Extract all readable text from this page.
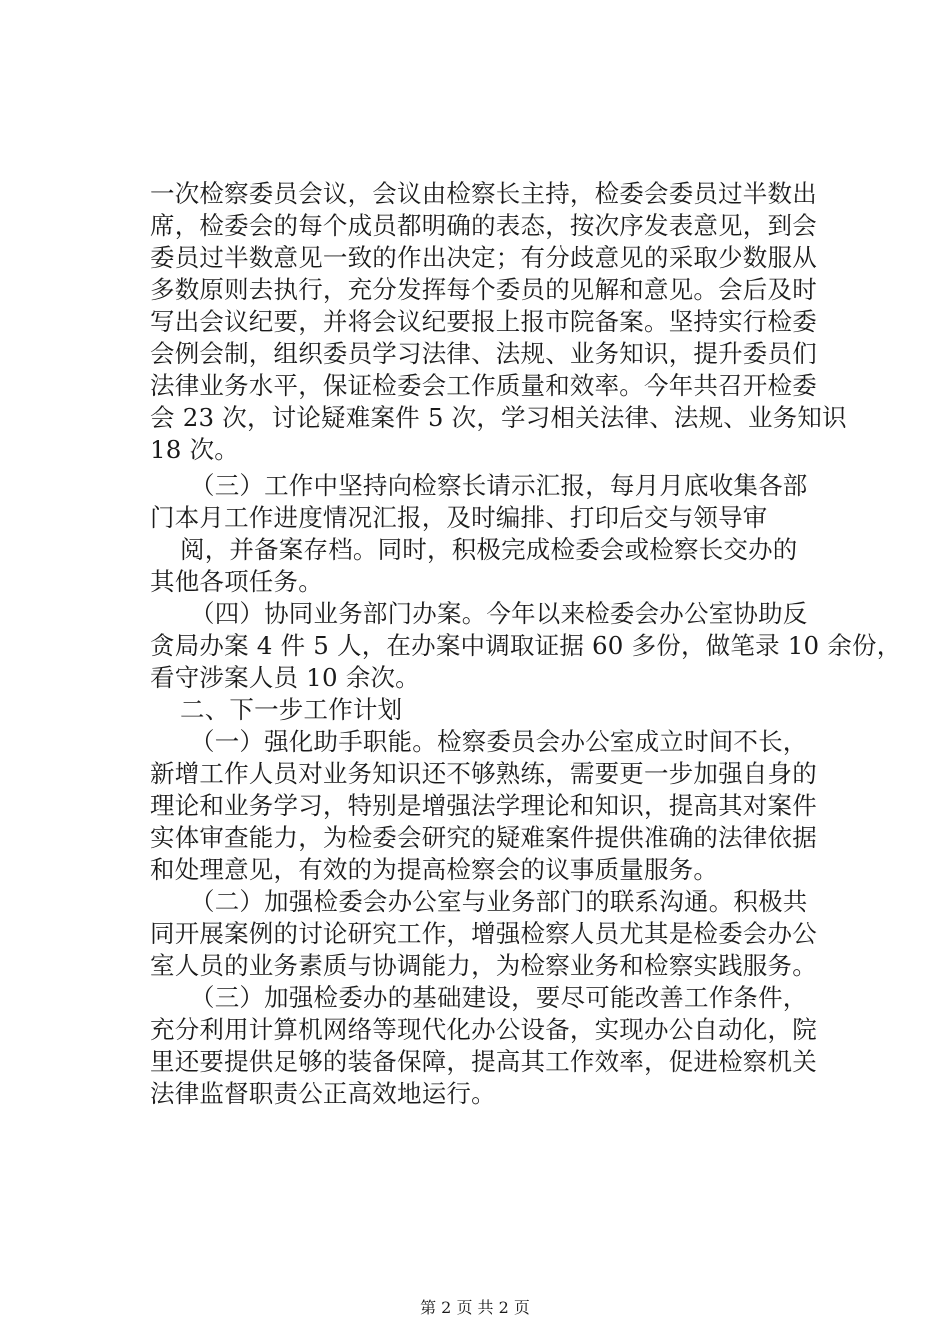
一次检察委员会议，会议由检察长主持，检委会委员过半数出
席，检委会的每个成员都明确的表态，按次序发表意见，到会
委员过半数意见一致的作出决定；有分歧意见的采取少数服从
多数原则去执行，充分发挥每个委员的见解和意见。会后及时
写出会议纪要，并将会议纪要报上报市院备案。坚持实行检委
会例会制，组织委员学习法律、法规、业务知识，提升委员们
法律业务水平，保证检委会工作质量和效率。今年共召开检委
会 23 次，讨论疑难案件 5 次，学习相关法律、法规、业务知识
18 次。
（三）工作中坚持向检察长请示汇报，每月月底收集各部
门本月工作进度情况汇报，及时编排、打印后交与领导审
阅，并备案存档。同时，积极完成检委会或检察长交办的
其他各项任务。
（四）协同业务部门办案。今年以来检委会办公室协助反
贪局办案 4 件 5 人，在办案中调取证据 60 多份，做笔录 10 余份，
看守涉案人员 10 余次。
二、下一步工作计划
（一）强化助手职能。检察委员会办公室成立时间不长，
新增工作人员对业务知识还不够熟练，需要更一步加强自身的
理论和业务学习，特别是增强法学理论和知识，提高其对案件
实体审查能力，为检委会研究的疑难案件提供准确的法律依据
和处理意见，有效的为提高检察会的议事质量服务。
（二）加强检委会办公室与业务部门的联系沟通。积极共
同开展案例的讨论研究工作，增强检察人员尤其是检委会办公
室人员的业务素质与协调能力，为检察业务和检察实践服务。
（三）加强检委办的基础建设，要尽可能改善工作条件，
充分利用计算机网络等现代化办公设备，实现办公自动化，院
里还要提供足够的装备保障，提高其工作效率，促进检察机关
法律监督职责公正高效地运行。
第 2 页 共 2 页
